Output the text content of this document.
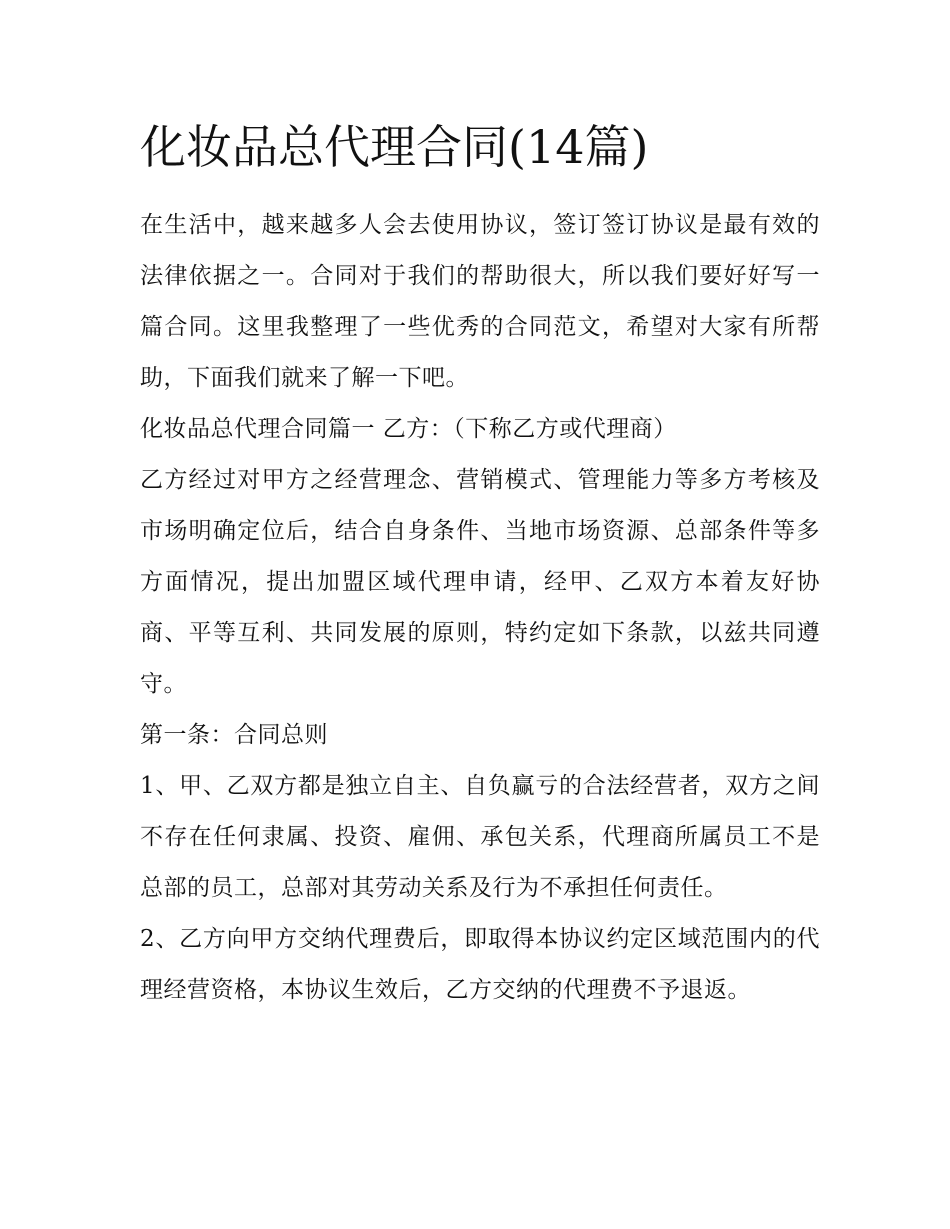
化妆品总代理合同(14篇)

在生活中，越来越多人会去使用协议，签订签订协议是最有效的法律依据之一。合同对于我们的帮助很大，所以我们要好好写一篇合同。这里我整理了一些优秀的合同范文，希望对大家有所帮助，下面我们就来了解一下吧。

化妆品总代理合同篇一 乙方：（下称乙方或代理商）

乙方经过对甲方之经营理念、营销模式、管理能力等多方考核及市场明确定位后，结合自身条件、当地市场资源、总部条件等多方面情况，提出加盟区域代理申请，经甲、乙双方本着友好协商、平等互利、共同发展的原则，特约定如下条款，以兹共同遵守。

第一条：合同总则

1、甲、乙双方都是独立自主、自负赢亏的合法经营者，双方之间不存在任何隶属、投资、雇佣、承包关系，代理商所属员工不是总部的员工，总部对其劳动关系及行为不承担任何责任。

2、乙方向甲方交纳代理费后，即取得本协议约定区域范围内的代理经营资格，本协议生效后，乙方交纳的代理费不予退返。
